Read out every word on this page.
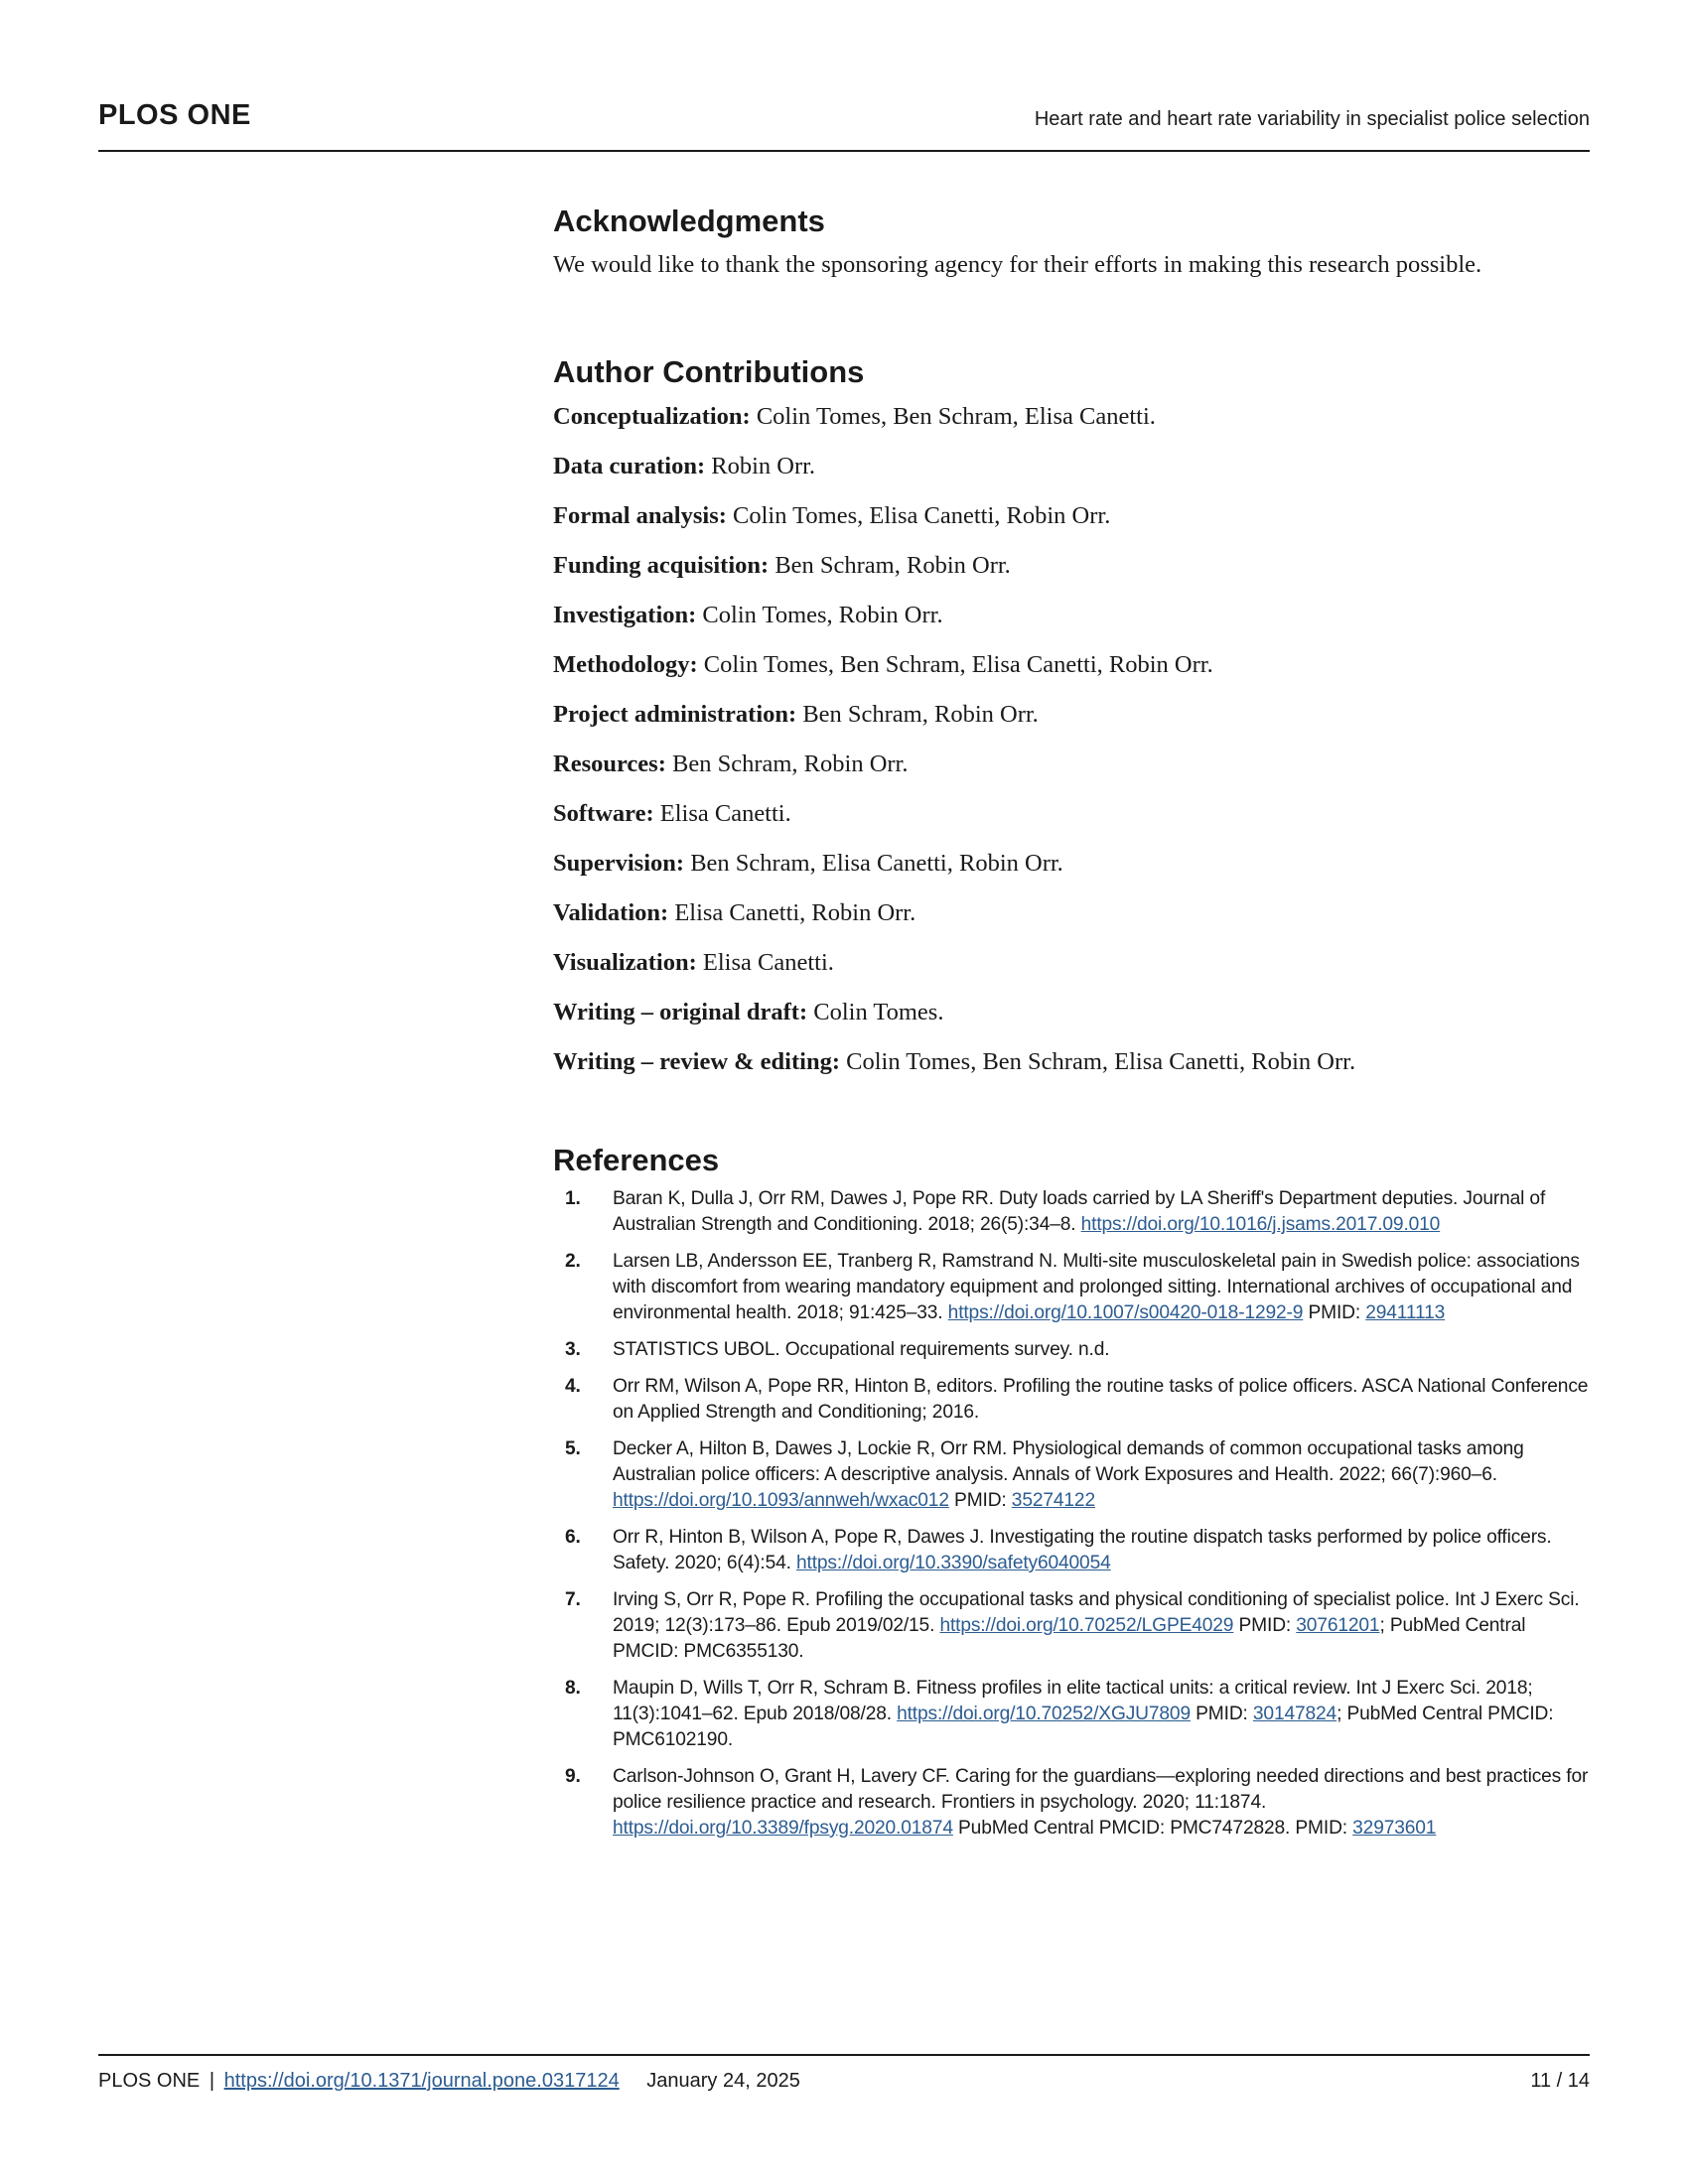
PLOS ONE	Heart rate and heart rate variability in specialist police selection
Acknowledgments

We would like to thank the sponsoring agency for their efforts in making this research possible.

Author Contributions

Conceptualization: Colin Tomes, Ben Schram, Elisa Canetti.

Data curation: Robin Orr.

Formal analysis: Colin Tomes, Elisa Canetti, Robin Orr.

Funding acquisition: Ben Schram, Robin Orr.

Investigation: Colin Tomes, Robin Orr.

Methodology: Colin Tomes, Ben Schram, Elisa Canetti, Robin Orr.

Project administration: Ben Schram, Robin Orr.

Resources: Ben Schram, Robin Orr.

Software: Elisa Canetti.

Supervision: Ben Schram, Elisa Canetti, Robin Orr.

Validation: Elisa Canetti, Robin Orr.

Visualization: Elisa Canetti.

Writing – original draft: Colin Tomes.

Writing – review & editing: Colin Tomes, Ben Schram, Elisa Canetti, Robin Orr.

References
1. Baran K, Dulla J, Orr RM, Dawes J, Pope RR. Duty loads carried by LA Sheriff's Department deputies. Journal of Australian Strength and Conditioning. 2018; 26(5):34–8. https://doi.org/10.1016/j.jsams.2017.09.010
2. Larsen LB, Andersson EE, Tranberg R, Ramstrand N. Multi-site musculoskeletal pain in Swedish police: associations with discomfort from wearing mandatory equipment and prolonged sitting. International archives of occupational and environmental health. 2018; 91:425–33. https://doi.org/10.1007/s00420-018-1292-9 PMID: 29411113
3. STATISTICS UBOL. Occupational requirements survey. n.d.
4. Orr RM, Wilson A, Pope RR, Hinton B, editors. Profiling the routine tasks of police officers. ASCA National Conference on Applied Strength and Conditioning; 2016.
5. Decker A, Hilton B, Dawes J, Lockie R, Orr RM. Physiological demands of common occupational tasks among Australian police officers: A descriptive analysis. Annals of Work Exposures and Health. 2022; 66(7):960–6. https://doi.org/10.1093/annweh/wxac012 PMID: 35274122
6. Orr R, Hinton B, Wilson A, Pope R, Dawes J. Investigating the routine dispatch tasks performed by police officers. Safety. 2020; 6(4):54. https://doi.org/10.3390/safety6040054
7. Irving S, Orr R, Pope R. Profiling the occupational tasks and physical conditioning of specialist police. Int J Exerc Sci. 2019; 12(3):173–86. Epub 2019/02/15. https://doi.org/10.70252/LGPE4029 PMID: 30761201; PubMed Central PMCID: PMC6355130.
8. Maupin D, Wills T, Orr R, Schram B. Fitness profiles in elite tactical units: a critical review. Int J Exerc Sci. 2018; 11(3):1041–62. Epub 2018/08/28. https://doi.org/10.70252/XGJU7809 PMID: 30147824; PubMed Central PMCID: PMC6102190.
9. Carlson-Johnson O, Grant H, Lavery CF. Caring for the guardians—exploring needed directions and best practices for police resilience practice and research. Frontiers in psychology. 2020; 11:1874. https://doi.org/10.3389/fpsyg.2020.01874 PubMed Central PMCID: PMC7472828. PMID: 32973601
PLOS ONE | https://doi.org/10.1371/journal.pone.0317124 January 24, 2025	11 / 14
